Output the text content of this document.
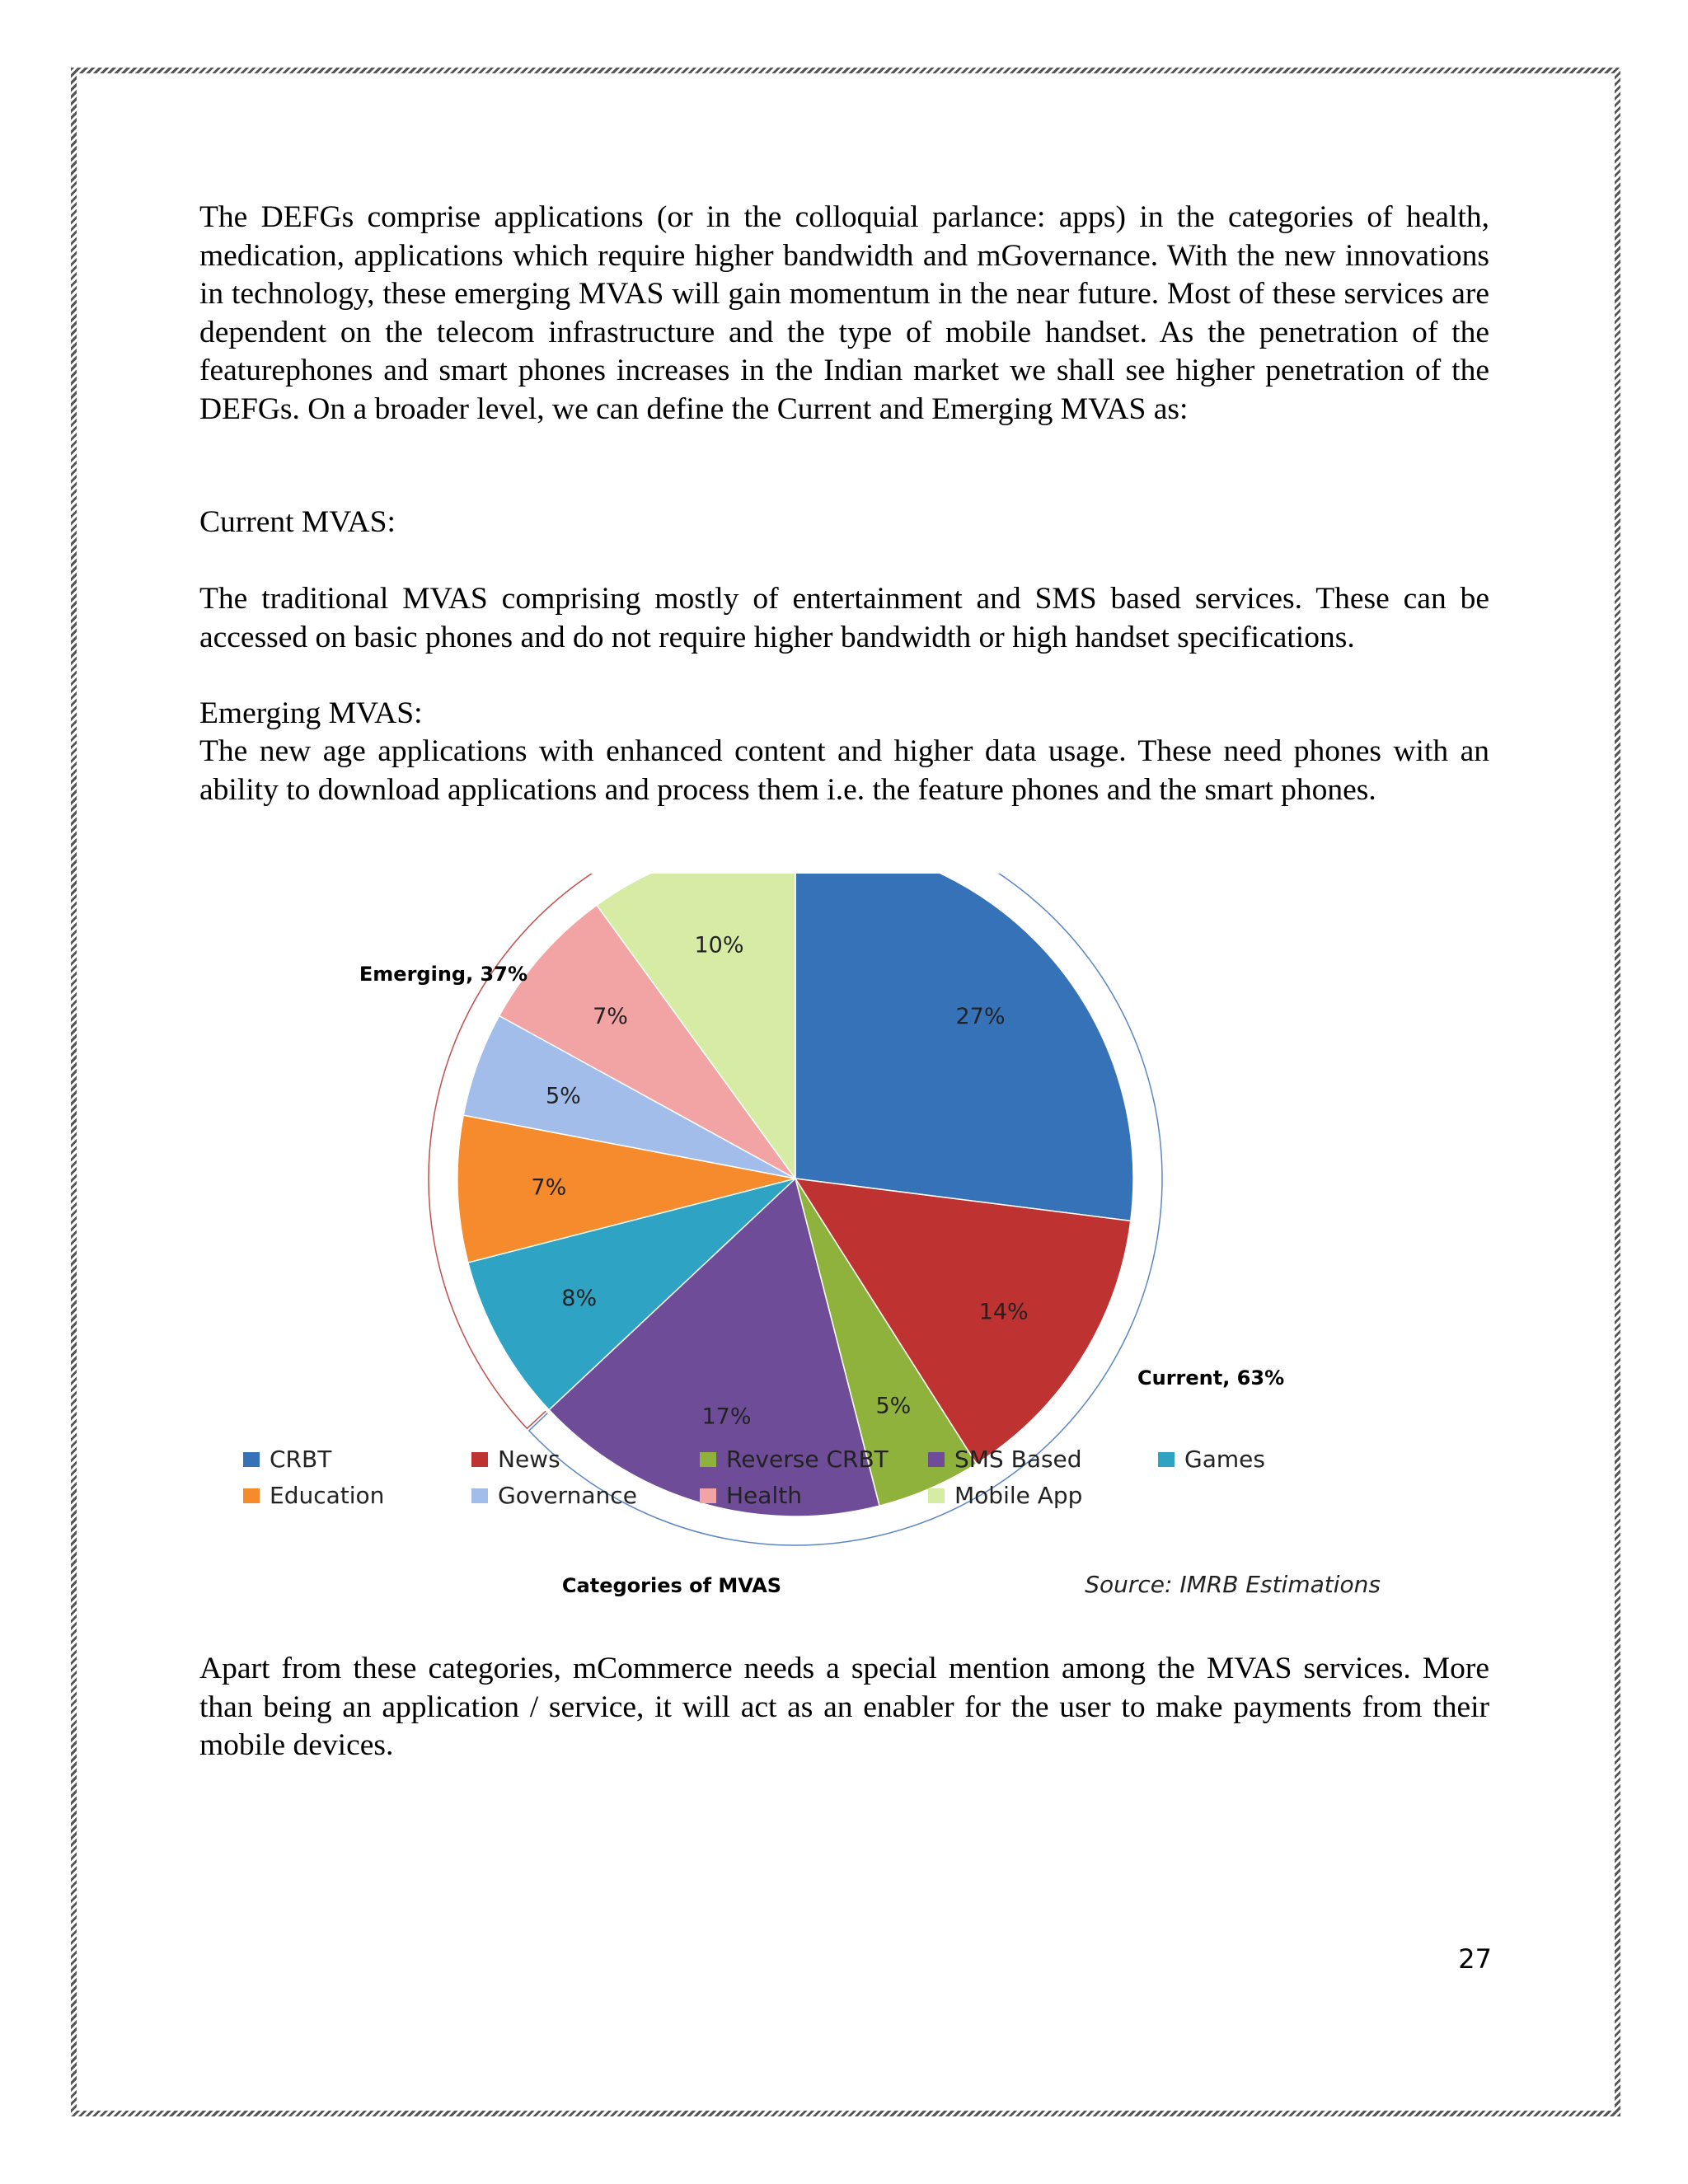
The DEFGs comprise applications (or in the colloquial parlance: apps) in the categories of health, medication, applications which require higher bandwidth and mGovernance. With the new innovations in technology, these emerging MVAS will gain momentum in the near future. Most of these services are dependent on the telecom infrastructure and the type of mobile handset. As the penetration of the featurephones and smart phones increases in the Indian market we shall see higher penetration of the DEFGs. On a broader level, we can define the Current and Emerging MVAS as:

Current MVAS:

The traditional MVAS comprising mostly of entertainment and SMS based services. These can be accessed on basic phones and do not require higher bandwidth or high handset specifications.

Emerging MVAS:

The new age applications with enhanced content and higher data usage. These need phones with an ability to download applications and process them i.e. the feature phones and the smart phones.

27%
14%
5%
17%
8%
7%
5%
7%
10%
Current, 63%
Emerging, 37%
CRBT	News	Reverse CRBT	SMS Based	Games
Education	Governance	Health	Mobile App
Categories of MVAS	Source: IMRB Estimations

Apart from these categories, mCommerce needs a special mention among the MVAS services. More than being an application / service, it will act as an enabler for the user to make payments from their mobile devices.

27
